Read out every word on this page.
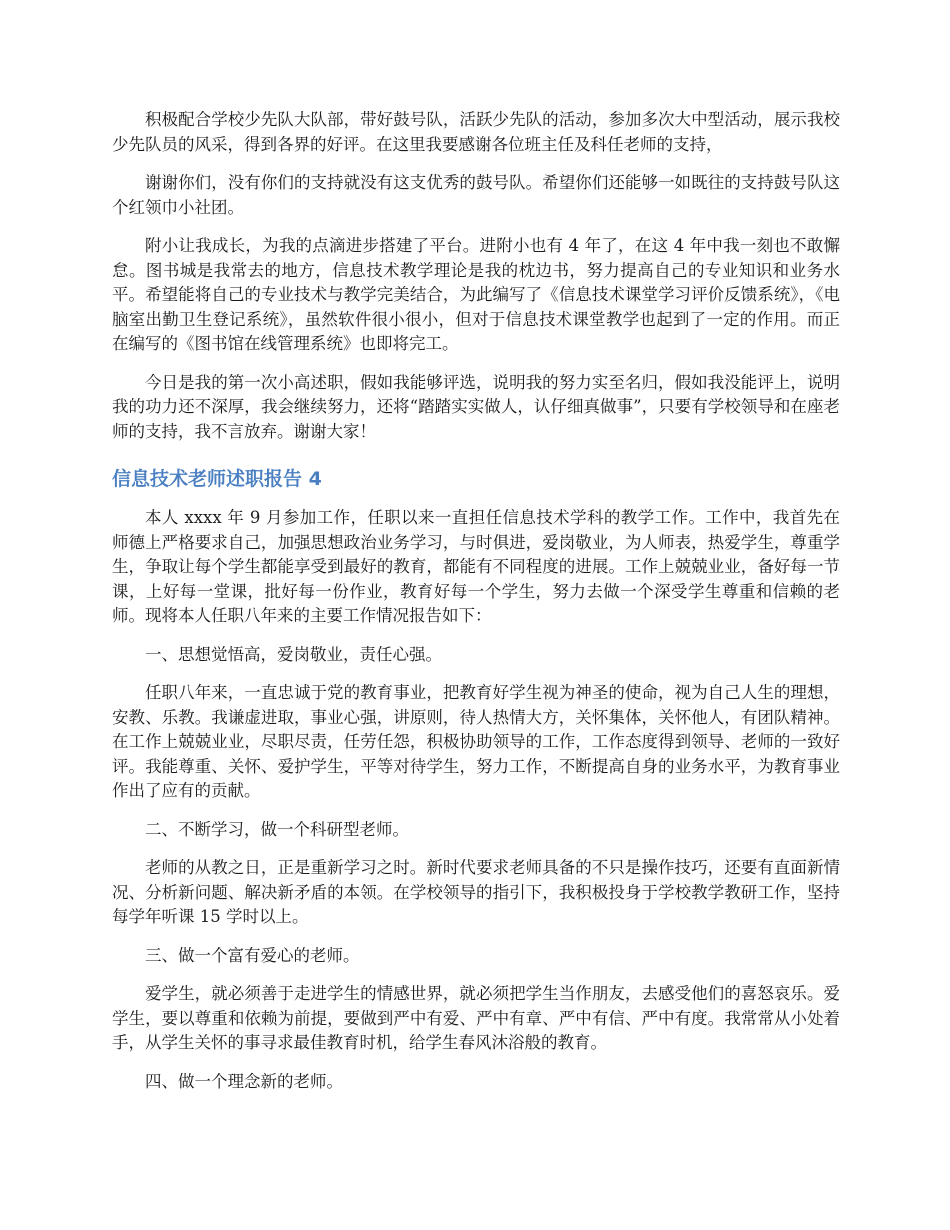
积极配合学校少先队大队部，带好鼓号队，活跃少先队的活动，参加多次大中型活动，展示我校少先队员的风采，得到各界的好评。在这里我要感谢各位班主任及科任老师的支持，

谢谢你们，没有你们的支持就没有这支优秀的鼓号队。希望你们还能够一如既往的支持鼓号队这个红领巾小社团。

附小让我成长，为我的点滴进步搭建了平台。进附小也有 4 年了，在这 4 年中我一刻也不敢懈怠。图书城是我常去的地方，信息技术教学理论是我的枕边书，努力提高自己的专业知识和业务水平。希望能将自己的专业技术与教学完美结合，为此编写了《信息技术课堂学习评价反馈系统》，《电脑室出勤卫生登记系统》，虽然软件很小很小，但对于信息技术课堂教学也起到了一定的作用。而正在编写的《图书馆在线管理系统》也即将完工。

今日是我的第一次小高述职，假如我能够评选，说明我的努力实至名归，假如我没能评上，说明我的功力还不深厚，我会继续努力，还将“踏踏实实做人，认仔细真做事”，只要有学校领导和在座老师的支持，我不言放弃。谢谢大家！

信息技术老师述职报告 4

本人 xxxx 年 9 月参加工作，任职以来一直担任信息技术学科的教学工作。工作中，我首先在师德上严格要求自己，加强思想政治业务学习，与时俱进，爱岗敬业，为人师表，热爱学生，尊重学生，争取让每个学生都能享受到最好的教育，都能有不同程度的进展。工作上兢兢业业，备好每一节课，上好每一堂课，批好每一份作业，教育好每一个学生，努力去做一个深受学生尊重和信赖的老师。现将本人任职八年来的主要工作情况报告如下：

一、思想觉悟高，爱岗敬业，责任心强。

任职八年来，一直忠诚于党的教育事业，把教育好学生视为神圣的使命，视为自己人生的理想，安教、乐教。我谦虚进取，事业心强，讲原则，待人热情大方，关怀集体，关怀他人，有团队精神。在工作上兢兢业业，尽职尽责，任劳任怨，积极协助领导的工作，工作态度得到领导、老师的一致好评。我能尊重、关怀、爱护学生，平等对待学生，努力工作，不断提高自身的业务水平，为教育事业作出了应有的贡献。

二、不断学习，做一个科研型老师。

老师的从教之日，正是重新学习之时。新时代要求老师具备的不只是操作技巧，还要有直面新情况、分析新问题、解决新矛盾的本领。在学校领导的指引下，我积极投身于学校教学教研工作，坚持每学年听课 15 学时以上。

三、做一个富有爱心的老师。

爱学生，就必须善于走进学生的情感世界，就必须把学生当作朋友，去感受他们的喜怒哀乐。爱学生，要以尊重和依赖为前提，要做到严中有爱、严中有章、严中有信、严中有度。我常常从小处着手，从学生关怀的事寻求最佳教育时机，给学生春风沐浴般的教育。

四、做一个理念新的老师。
